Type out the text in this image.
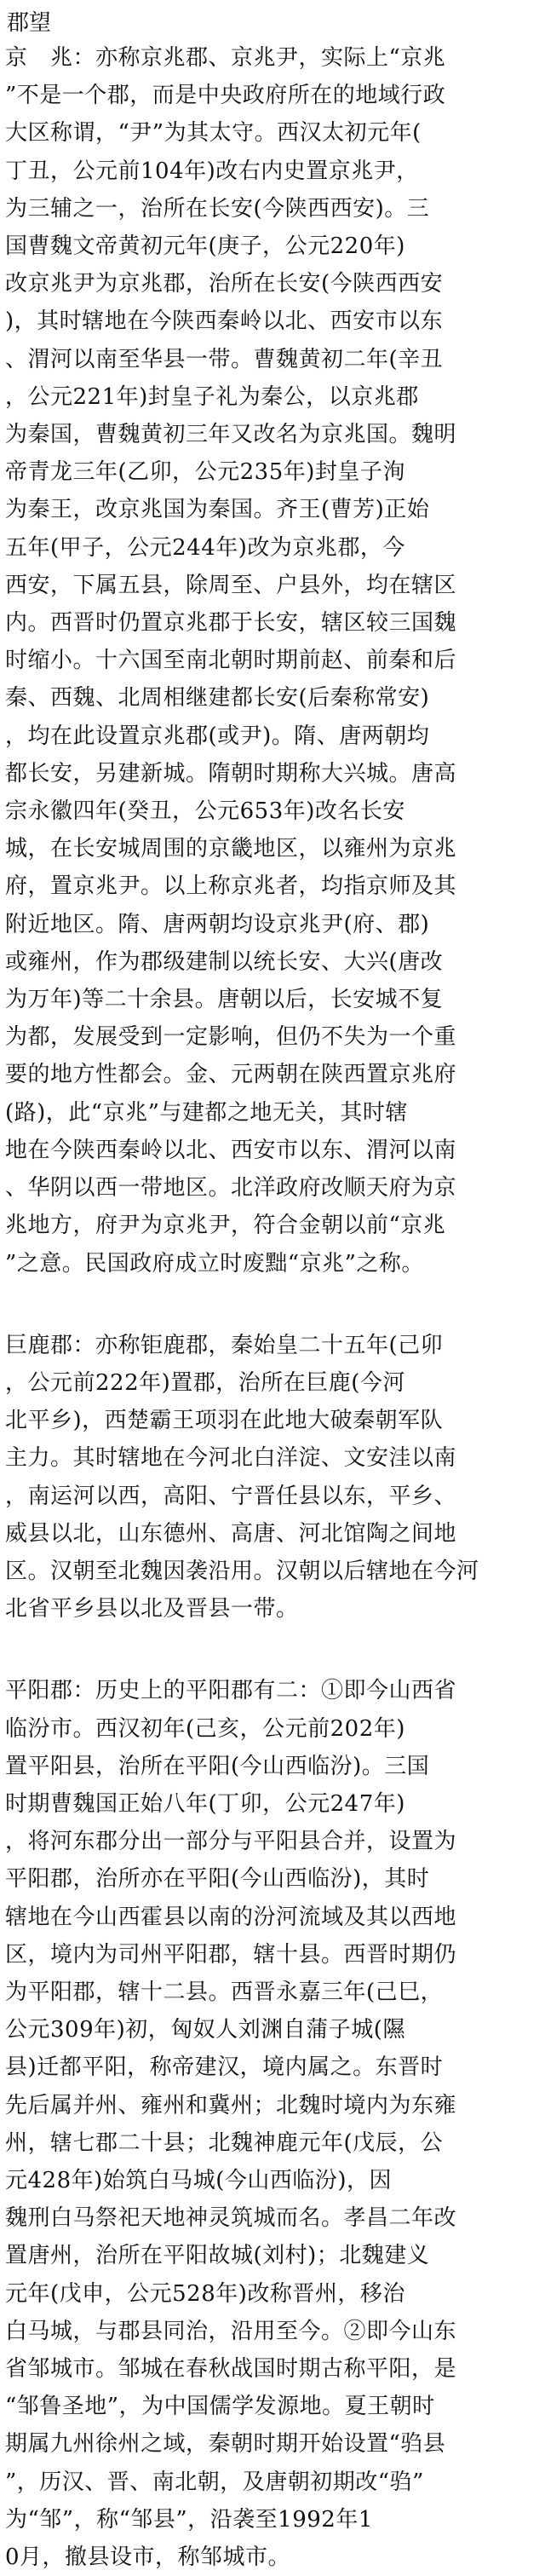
郡望
京　兆：亦称京兆郡、京兆尹，实际上“京兆
”不是一个郡，而是中央政府所在的地域行政
大区称谓，“尹”为其太守。西汉太初元年(
丁丑，公元前104年)改右内史置京兆尹，
为三辅之一，治所在长安(今陕西西安)。三
国曹魏文帝黄初元年(庚子，公元220年)
改京兆尹为京兆郡，治所在长安(今陕西西安
)，其时辖地在今陕西秦岭以北、西安市以东
、渭河以南至华县一带。曹魏黄初二年(辛丑
，公元221年)封皇子礼为秦公，以京兆郡
为秦国，曹魏黄初三年又改名为京兆国。魏明
帝青龙三年(乙卯，公元235年)封皇子洵
为秦王，改京兆国为秦国。齐王(曹芳)正始
五年(甲子，公元244年)改为京兆郡，今
西安，下属五县，除周至、户县外，均在辖区
内。西晋时仍置京兆郡于长安，辖区较三国魏
时缩小。十六国至南北朝时期前赵、前秦和后
秦、西魏、北周相继建都长安(后秦称常安)
，均在此设置京兆郡(或尹)。隋、唐两朝均
都长安，另建新城。隋朝时期称大兴城。唐高
宗永徽四年(癸丑，公元653年)改名长安
城，在长安城周围的京畿地区，以雍州为京兆
府，置京兆尹。以上称京兆者，均指京师及其
附近地区。隋、唐两朝均设京兆尹(府、郡)
或雍州，作为郡级建制以统长安、大兴(唐改
为万年)等二十余县。唐朝以后，长安城不复
为都，发展受到一定影响，但仍不失为一个重
要的地方性都会。金、元两朝在陕西置京兆府
(路)，此“京兆”与建都之地无关，其时辖
地在今陕西秦岭以北、西安市以东、渭河以南
、华阴以西一带地区。北洋政府改顺天府为京
兆地方，府尹为京兆尹，符合金朝以前“京兆
”之意。民国政府成立时废黜“京兆”之称。
巨鹿郡：亦称钜鹿郡，秦始皇二十五年(己卯
，公元前222年)置郡，治所在巨鹿(今河
北平乡)，西楚霸王项羽在此地大破秦朝军队
主力。其时辖地在今河北白洋淀、文安洼以南
，南运河以西，高阳、宁晋任县以东，平乡、
威县以北，山东德州、高唐、河北馆陶之间地
区。汉朝至北魏因袭沿用。汉朝以后辖地在今河
北省平乡县以北及晋县一带。
平阳郡：历史上的平阳郡有二：①即今山西省
临汾市。西汉初年(己亥，公元前202年)
置平阳县，治所在平阳(今山西临汾)。三国
时期曹魏国正始八年(丁卯，公元247年)
，将河东郡分出一部分与平阳县合并，设置为
平阳郡，治所亦在平阳(今山西临汾)，其时
辖地在今山西霍县以南的汾河流域及其以西地
区，境内为司州平阳郡，辖十县。西晋时期仍
为平阳郡，辖十二县。西晋永嘉三年(己巳，
公元309年)初，匈奴人刘渊自蒲子城(隰
县)迁都平阳，称帝建汉，境内属之。东晋时
先后属并州、雍州和冀州；北魏时境内为东雍
州，辖七郡二十县；北魏神鹿元年(戊辰，公
元428年)始筑白马城(今山西临汾)，因
魏刑白马祭祀天地神灵筑城而名。孝昌二年改
置唐州，治所在平阳故城(刘村)；北魏建义
元年(戊申，公元528年)改称晋州，移治
白马城，与郡县同治，沿用至今。②即今山东
省邹城市。邹城在春秋战国时期古称平阳，是
“邹鲁圣地”，为中国儒学发源地。夏王朝时
期属九州徐州之域，秦朝时期开始设置“驺县
”，历汉、晋、南北朝，及唐朝初期改“驺”
为“邹”，称“邹县”，沿袭至1992年1
0月，撤县设市，称邹城市。
